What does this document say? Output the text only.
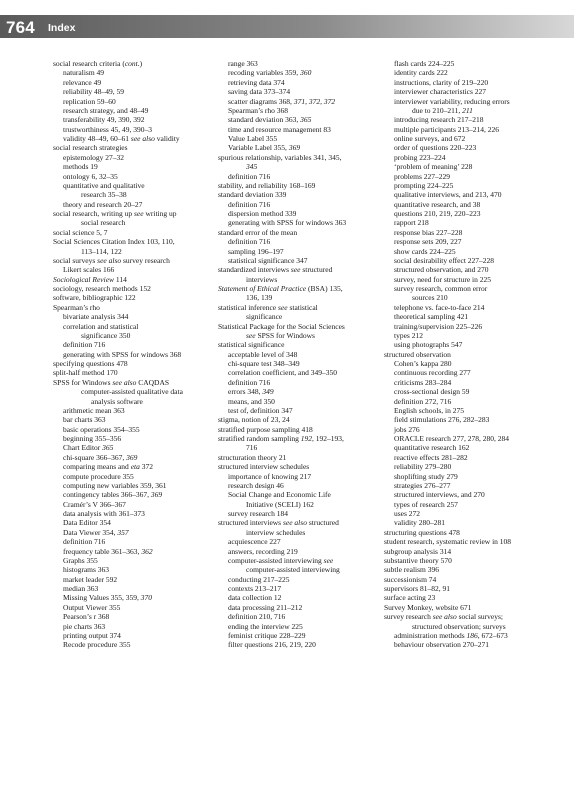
764 Index
social research criteria (cont.)
naturalism 49
relevance 49
reliability 48–49, 59
replication 59–60
research strategy, and 48–49
transferability 49, 390, 392
trustworthiness 45, 49, 390–3
validity 48–49, 60–61 see also validity
social research strategies
epistemology 27–32
methods 19
ontology 6, 32–35
quantitative and qualitative
research 35–38
theory and research 20–27
social research, writing up see writing up
social research
social science 5, 7
Social Sciences Citation Index 103, 110,
113–114, 122
social surveys see also survey research
Likert scales 166
Sociological Review 114
sociology, research methods 152
software, bibliographic 122
Spearman’s rho
bivariate analysis 344
correlation and statistical
significance 350
definition 716
generating with SPSS for windows 368
specifying questions 478
split-half method 170
SPSS for Windows see also CAQDAS
computer-assisted qualitative data
analysis software
arithmetic mean 363
bar charts 363
basic operations 354–355
beginning 355–356
Chart Editor 365
chi-square 366–367, 369
comparing means and eta 372
compute procedure 355
computing new variables 359, 361
contingency tables 366–367, 369
Cramér’s V 366–367
data analysis with 361–373
Data Editor 354
Data Viewer 354, 357
definition 716
frequency table 361–363, 362
Graphs 355
histograms 363
market leader 592
median 363
Missing Values 355, 359, 370
Output Viewer 355
Pearson’s r 368
pie charts 363
printing output 374
Recode procedure 355
range 363
recoding variables 359, 360
retrieving data 374
saving data 373–374
scatter diagrams 368, 371, 372, 372
Spearman’s rho 368
standard deviation 363, 365
time and resource management 83
Value Label 355
Variable Label 355, 369
spurious relationship, variables 341, 345,
345
definition 716
stability, and reliability 168–169
standard deviation 339
definition 716
dispersion method 339
generating with SPSS for windows 363
standard error of the mean
definition 716
sampling 196–197
statistical significance 347
standardized interviews see structured
interviews
Statement of Ethical Practice (BSA) 135,
136, 139
statistical inference see statistical
significance
Statistical Package for the Social Sciences
see SPSS for Windows
statistical significance
acceptable level of 348
chi-square test 348–349
correlation coefficient, and 349–350
definition 716
errors 348, 349
means, and 350
test of, definition 347
stigma, notion of 23, 24
stratified purpose sampling 418
stratified random sampling 192, 192–193,
716
structuration theory 21
structured interview schedules
importance of knowing 217
research design 46
Social Change and Economic Life
Initiative (SCELI) 162
survey research 184
structured interviews see also structured
interview schedules
acquiescence 227
answers, recording 219
computer-assisted interviewing see
computer-assisted interviewing
conducting 217–225
contexts 213–217
data collection 12
data processing 211–212
definition 210, 716
ending the interview 225
feminist critique 228–229
filter questions 216, 219, 220
flash cards 224–225
identity cards 222
instructions, clarity of 219–220
interviewer characteristics 227
interviewer variability, reducing errors
due to 210–211, 211
introducing research 217–218
multiple participants 213–214, 226
online surveys, and 672
order of questions 220–223
probing 223–224
‘problem of meaning’ 228
problems 227–229
prompting 224–225
qualitative interviews, and 213, 470
quantitative research, and 38
questions 210, 219, 220–223
rapport 218
response bias 227–228
response sets 209, 227
show cards 224–225
social desirability effect 227–228
structured observation, and 270
survey, need for structure in 225
survey research, common error
sources 210
telephone vs. face-to-face 214
theoretical sampling 421
training/supervision 225–226
types 212
using photographs 547
structured observation
Cohen’s kappa 280
continuous recording 277
criticisms 283–284
cross-sectional design 59
definition 272, 716
English schools, in 275
field stimulations 276, 282–283
jobs 276
ORACLE research 277, 278, 280, 284
quantitative research 162
reactive effects 281–282
reliability 279–280
shoplifting study 279
strategies 276–277
structured interviews, and 270
types of research 257
uses 272
validity 280–281
structuring questions 478
student research, systematic review in 108
subgroup analysis 314
substantive theory 570
subtle realism 396
successionism 74
supervisors 81–82, 91
surface acting 23
Survey Monkey, website 671
survey research see also social surveys;
structured observation; surveys
administration methods 186, 672–673
behaviour observation 270–271
